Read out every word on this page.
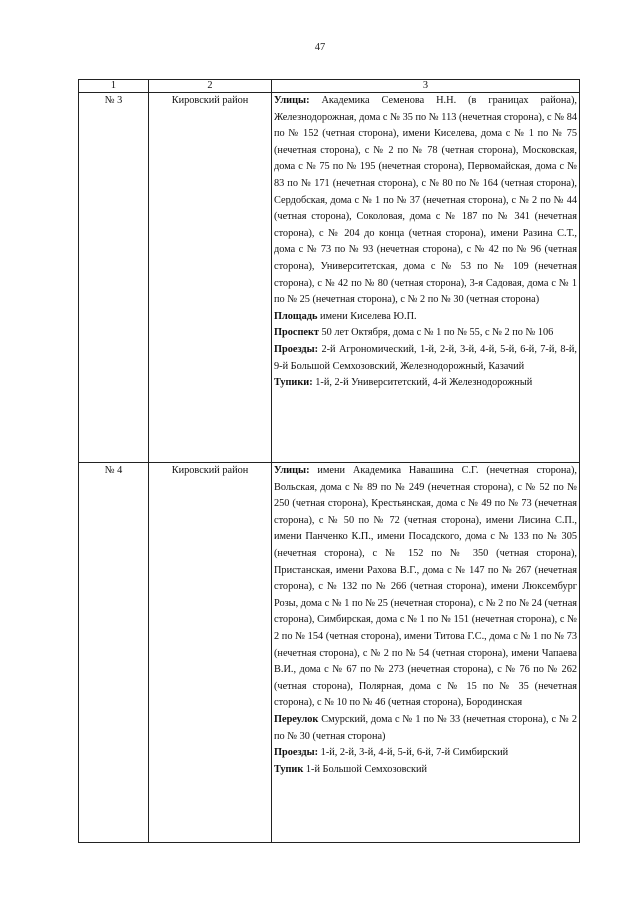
47
1	2	3
№ 3	Кировский район	Улицы: Академика Семенова Н.Н. (в границах района), Железнодорожная, дома с № 35 по № 113 (нечетная сторона), с № 84 по № 152 (четная сторона), имени Киселева, дома с № 1 по № 75 (нечетная сторона), с № 2 по № 78 (четная сторона), Московская, дома с № 75 по № 195 (нечетная сторона), Первомайская, дома с № 83 по № 171 (нечетная сторона), с № 80 по № 164 (четная сторона), Сердобская, дома с № 1 по № 37 (нечетная сторона), с № 2 по № 44 (четная сторона), Соколовая, дома с № 187 по № 341 (нечетная сторона), с № 204 до конца (четная сторона), имени Разина С.Т., дома с № 73 по № 93 (нечетная сторона), с № 42 по № 96 (четная сторона), Университетская, дома с № 53 по № 109 (нечетная сторона), с № 42 по № 80 (четная сторона), 3-я Садовая, дома с № 1 по № 25 (нечетная сторона), с № 2 по № 30 (четная сторона)

Площадь имени Киселева Ю.П.

Проспект 50 лет Октября, дома с № 1 по № 55, с № 2 по № 106

Проезды: 2-й Агрономический, 1-й, 2-й, 3-й, 4-й, 5-й, 6-й, 7-й, 8-й, 9-й Большой Семхозовский, Железнодорожный, Казачий

Тупики: 1-й, 2-й Университетский, 4-й Железнодорожный

№ 4	Кировский район	Улицы: имени Академика Навашина С.Г. (нечетная сторона), Вольская, дома с № 89 по № 249 (нечетная сторона), с № 52 по № 250 (четная сторона), Крестьянская, дома с № 49 по № 73 (нечетная сторона), с № 50 по № 72 (четная сторона), имени Лисина С.П., имени Панченко К.П., имени Посадского, дома с № 133 по № 305 (нечетная сторона), с № 152 по № 350 (четная сторона), Пристанская, имени Рахова В.Г., дома с № 147 по № 267 (нечетная сторона), с № 132 по № 266 (четная сторона), имени Люксембург Розы, дома с № 1 по № 25 (нечетная сторона), с № 2 по № 24 (четная сторона), Симбирская, дома с № 1 по № 151 (нечетная сторона), с № 2 по № 154 (четная сторона), имени Титова Г.С., дома с № 1 по № 73 (нечетная сторона), с № 2 по № 54 (четная сторона), имени Чапаева В.И., дома с № 67 по № 273 (нечетная сторона), с № 76 по № 262 (четная сторона), Полярная, дома с № 15 по № 35 (нечетная сторона), с № 10 по № 46 (четная сторона), Бородинская

Переулок Смурский, дома с № 1 по № 33 (нечетная сторона), с № 2 по № 30 (четная сторона)

Проезды: 1-й, 2-й, 3-й, 4-й, 5-й, 6-й, 7-й Симбирский

Тупик 1-й Большой Семхозовский
